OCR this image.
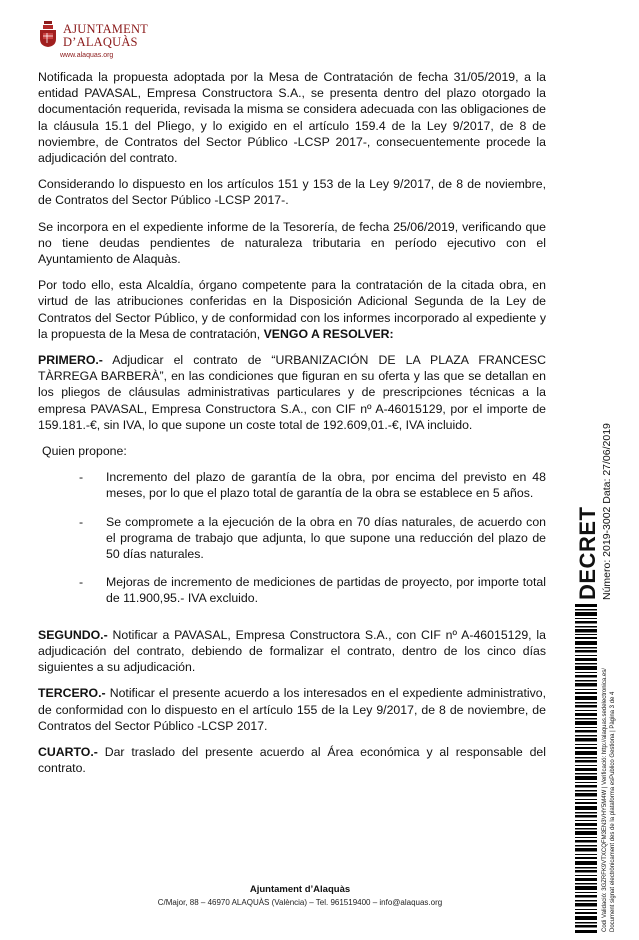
AJUNTAMENT
D’ALAQUÀS
www.alaquas.org

Notificada la propuesta adoptada por la Mesa de Contratación de fecha 31/05/2019, a la entidad PAVASAL, Empresa Constructora S.A., se presenta dentro del plazo otorgado la documentación requerida, revisada la misma se considera adecuada con las obligaciones de la cláusula 15.1 del Pliego, y lo exigido en el artículo 159.4 de la Ley 9/2017, de 8 de noviembre, de Contratos del Sector Público -LCSP 2017-, consecuentemente procede la adjudicación del contrato.

Considerando lo dispuesto en los artículos 151 y 153 de la Ley 9/2017, de 8 de noviembre, de Contratos del Sector Público -LCSP 2017-.

Se incorpora en el expediente informe de la Tesorería, de fecha 25/06/2019, verificando que no tiene deudas pendientes de naturaleza tributaria en período ejecutivo con el Ayuntamiento de Alaquàs.

Por todo ello, esta Alcaldía, órgano competente para la contratación de la citada obra, en virtud de las atribuciones conferidas en la Disposición Adicional Segunda de la Ley de Contratos del Sector Público, y de conformidad con los informes incorporado al expediente y la propuesta de la Mesa de contratación, VENGO A RESOLVER:

PRIMERO.- Adjudicar el contrato de “URBANIZACIÓN DE LA PLAZA FRANCESC TÀRREGA BARBERÀ”, en las condiciones que figuran en su oferta y las que se detallan en los pliegos de cláusulas administrativas particulares y de prescripciones técnicas a la empresa PAVASAL, Empresa Constructora S.A., con CIF nº A-46015129, por el importe de 159.181.-€, sin IVA, lo que supone un coste total de 192.609,01.-€, IVA incluido.

Quien propone:
- Incremento del plazo de garantía de la obra, por encima del previsto en 48 meses, por lo que el plazo total de garantía de la obra se establece en 5 años.
- Se compromete a la ejecución de la obra en 70 días naturales, de acuerdo con el programa de trabajo que adjunta, lo que supone una reducción del plazo de 50 días naturales.
- Mejoras de incremento de mediciones de partidas de proyecto, por importe total de 11.900,95.- IVA excluido.

SEGUNDO.- Notificar a PAVASAL, Empresa Constructora S.A., con CIF nº A-46015129, la adjudicación del contrato, debiendo de formalizar el contrato, dentro de los cinco días siguientes a su adjudicación.

TERCERO.- Notificar el presente acuerdo a los interesados en el expediente administrativo, de conformidad con lo dispuesto en el artículo 155 de la Ley 9/2017, de 8 de noviembre, de Contratos del Sector Público -LCSP 2017.

CUARTO.- Dar traslado del presente acuerdo al Área económica y al responsable del contrato.

DECRET Número: 2019-3002 Data: 27/06/2019
Codi Validació: 3GZRFK9VTXCQFM3EN3VHY5M4W | Verificació: http://alaquas.sedelectronica.es/ Document signat electrònicament des de la plataforma esPublico Gestiona | Pàgina 3 de 4
Ajuntament d’Alaquàs
C/Major, 88 – 46970 ALAQUÀS (València) – Tel. 961519400 – info@alaquas.org
